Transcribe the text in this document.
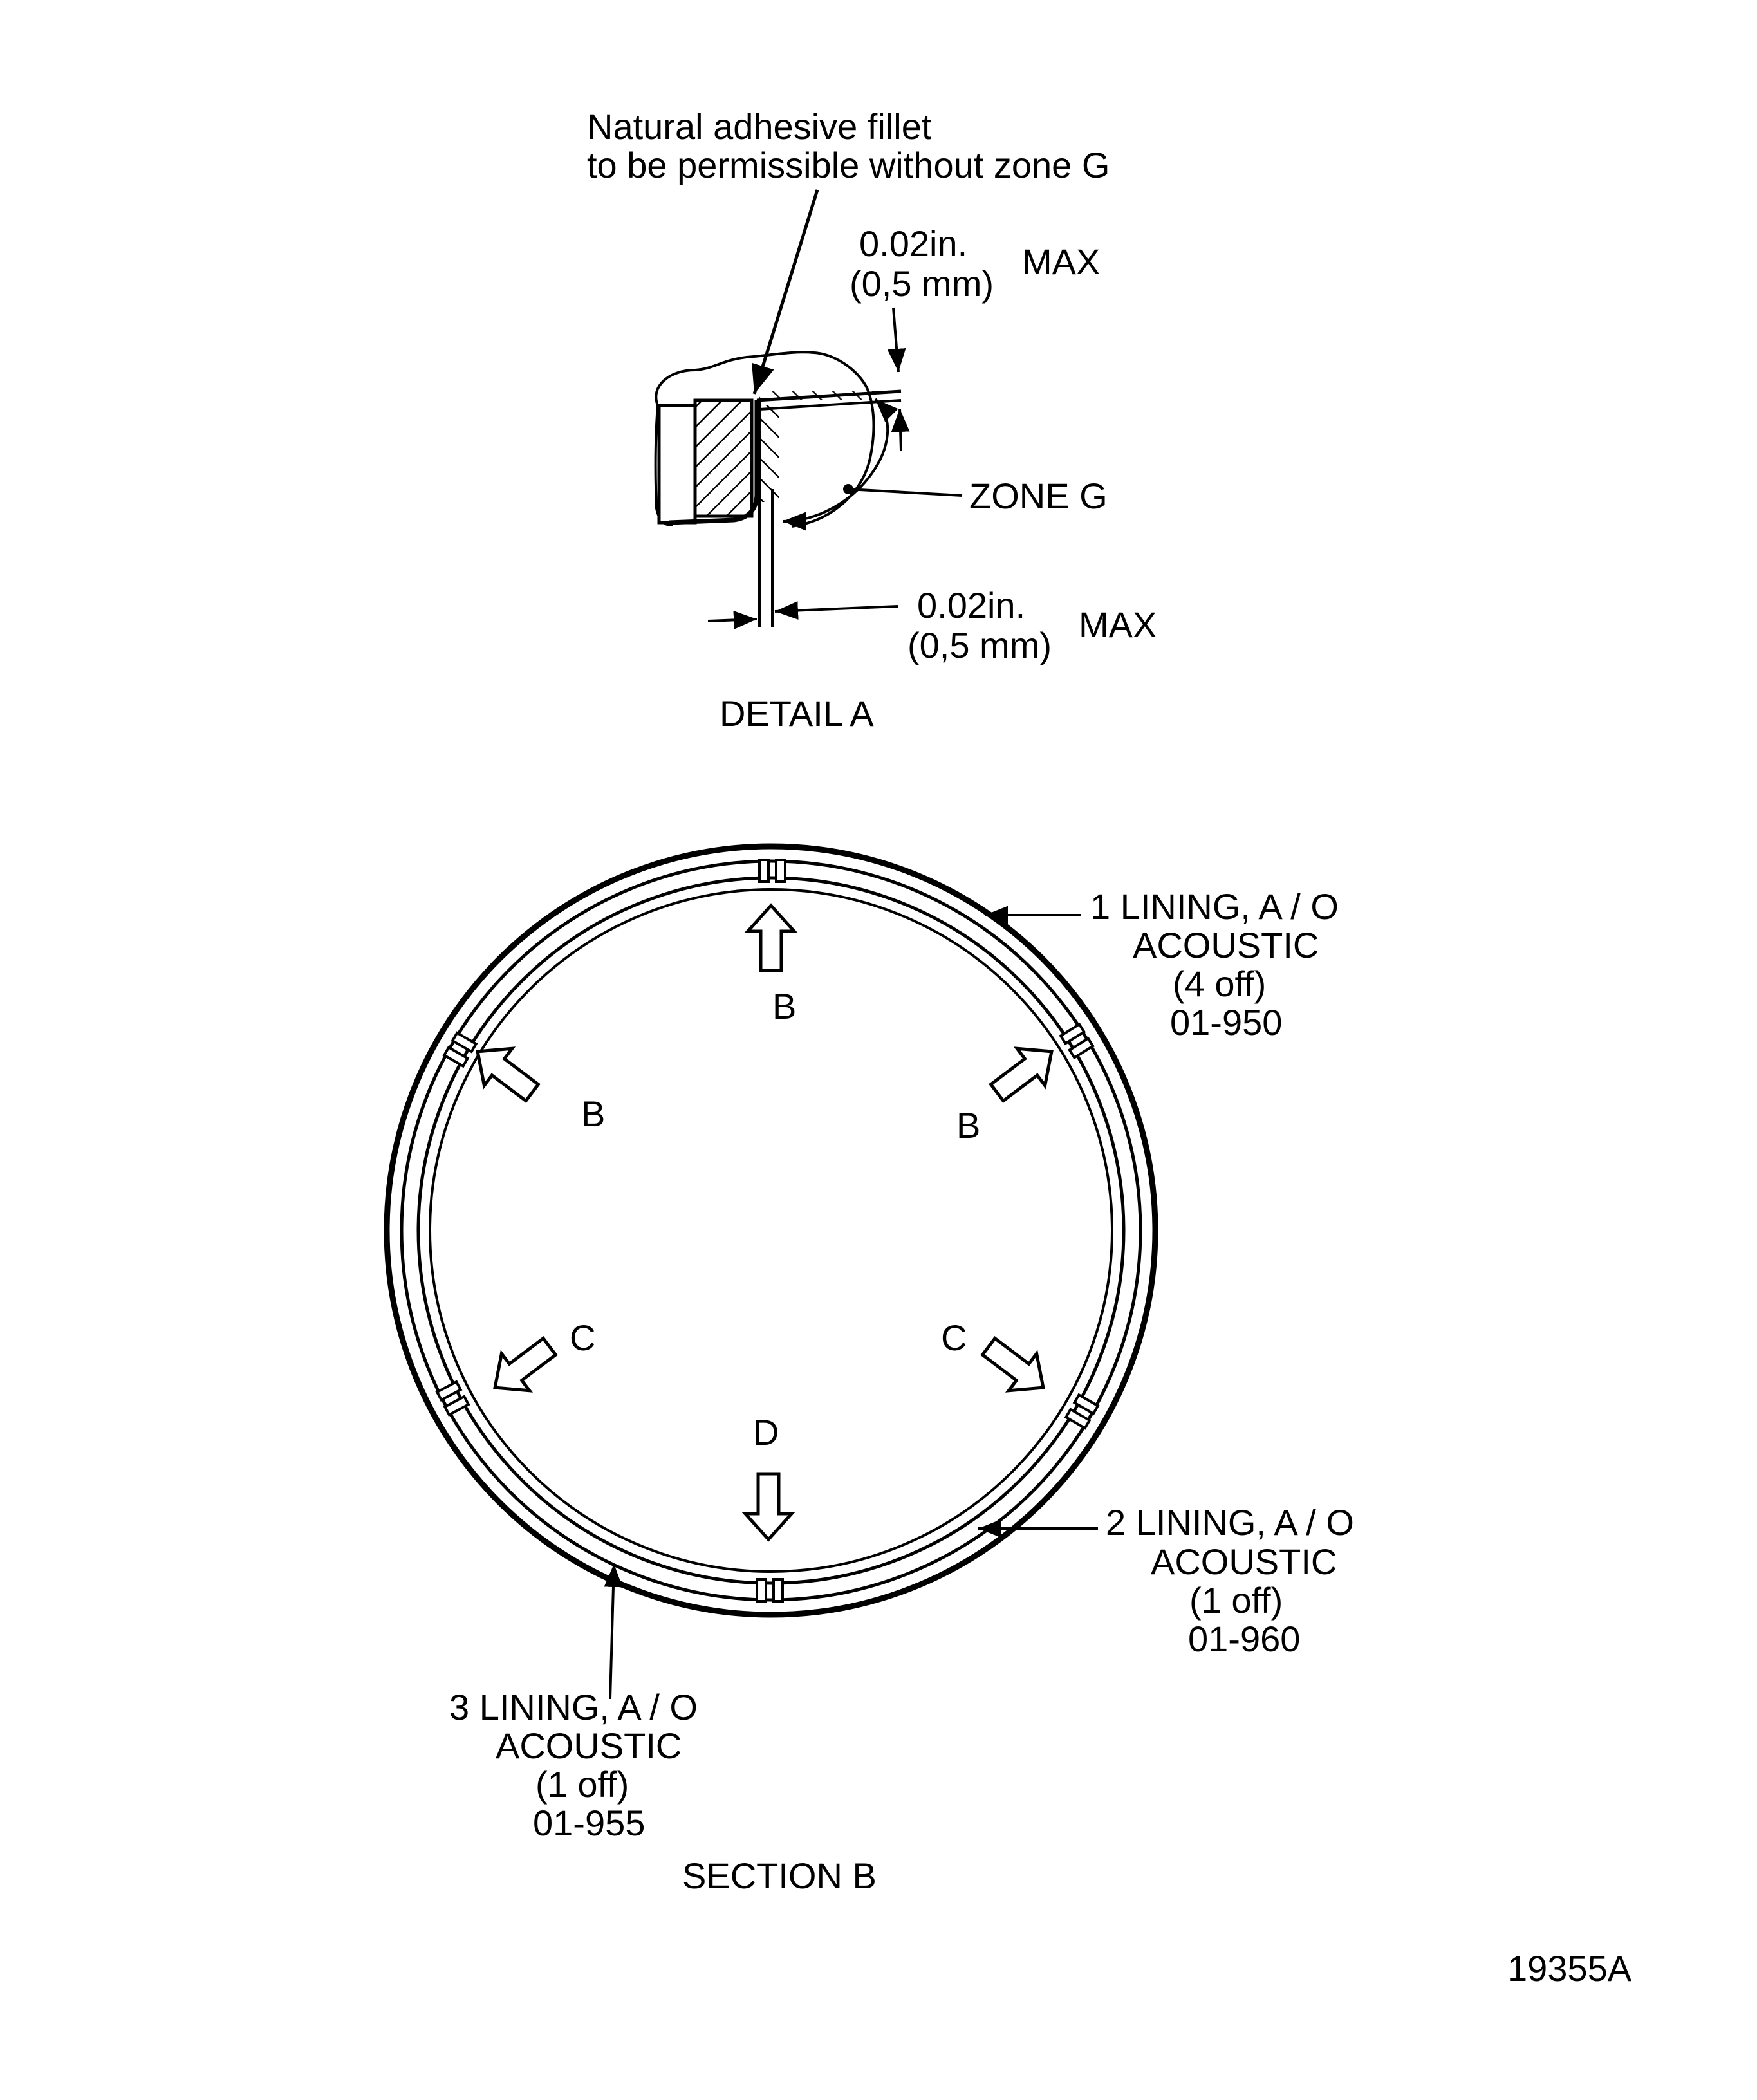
Natural adhesive fillet
to be permissible without zone G
0.02in.
(0,5 mm)
MAX
ZONE G
0.02in.
(0,5 mm)
MAX
DETAIL A
B
B	B
C	C
D
1 LINING, A / O
ACOUSTIC
(4 off)
01-950
2 LINING, A / O
ACOUSTIC
(1 off)
01-960
3 LINING, A / O
ACOUSTIC
(1 off)
01-955
SECTION B
19355A
